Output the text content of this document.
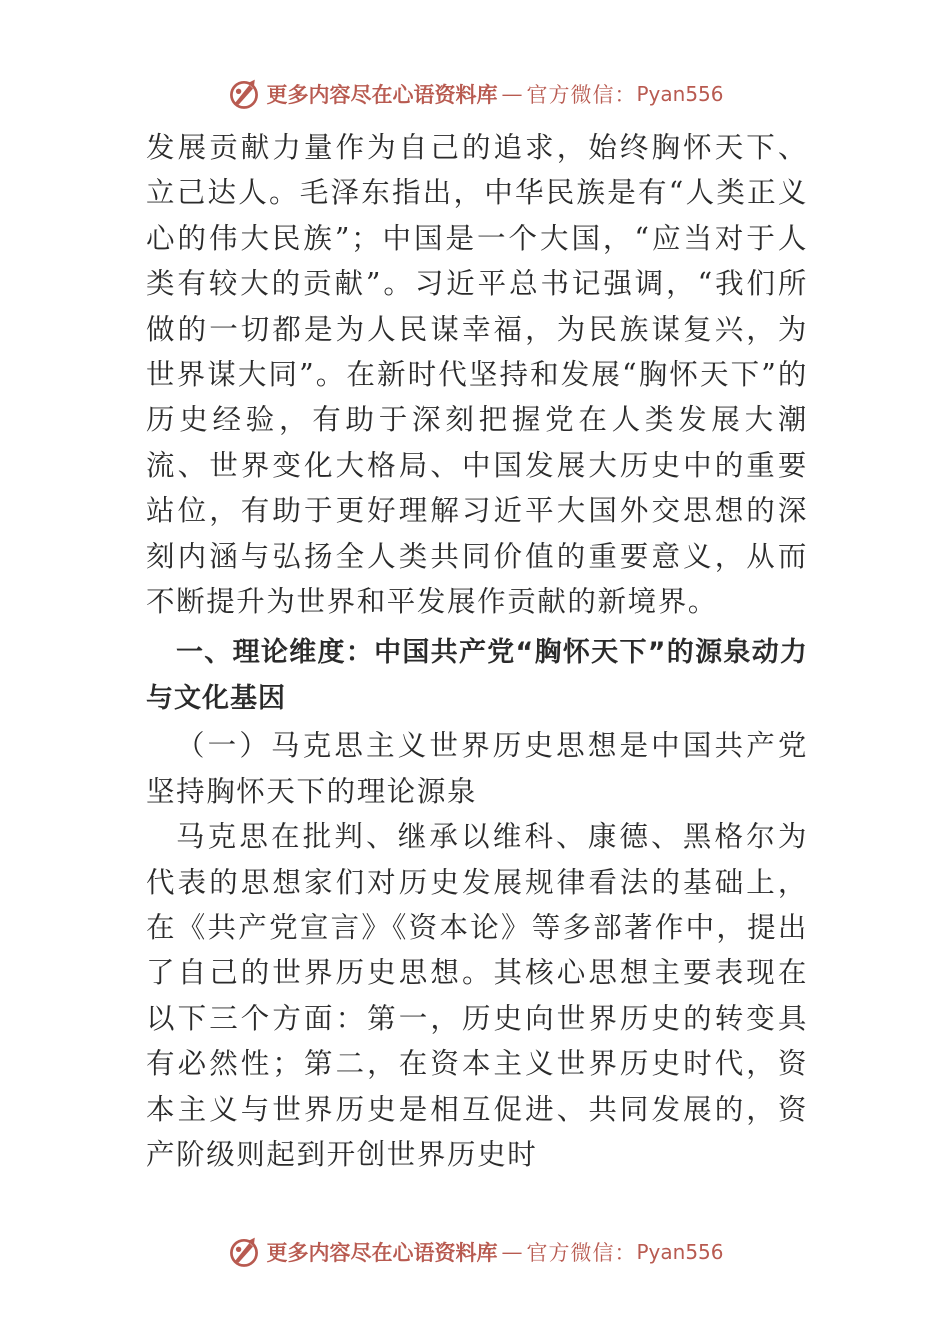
更多内容尽在心语资料库 — 官方微信： Pyan556

发展贡献力量作为自己的追求，始终胸怀天下、立己达人。毛泽东指出，中华民族是有“人类正义心的伟大民族”；中国是一个大国，“应当对于人类有较大的贡献”。习近平总书记强调，“我们所做的一切都是为人民谋幸福，为民族谋复兴，为世界谋大同”。在新时代坚持和发展“胸怀天下”的历史经验，有助于深刻把握党在人类发展大潮流、世界变化大格局、中国发展大历史中的重要站位，有助于更好理解习近平大国外交思想的深刻内涵与弘扬全人类共同价值的重要意义，从而不断提升为世界和平发展作贡献的新境界。

一、理论维度：中国共产党“胸怀天下”的源泉动力与文化基因

（一）马克思主义世界历史思想是中国共产党坚持胸怀天下的理论源泉

马克思在批判、继承以维科、康德、黑格尔为代表的思想家们对历史发展规律看法的基础上，在《共产党宣言》《资本论》等多部著作中，提出了自己的世界历史思想。其核心思想主要表现在以下三个方面：第一，历史向世界历史的转变具有必然性；第二，在资本主义世界历史时代，资本主义与世界历史是相互促进、共同发展的，资产阶级则起到开创世界历史时

更多内容尽在心语资料库 — 官方微信： Pyan556
